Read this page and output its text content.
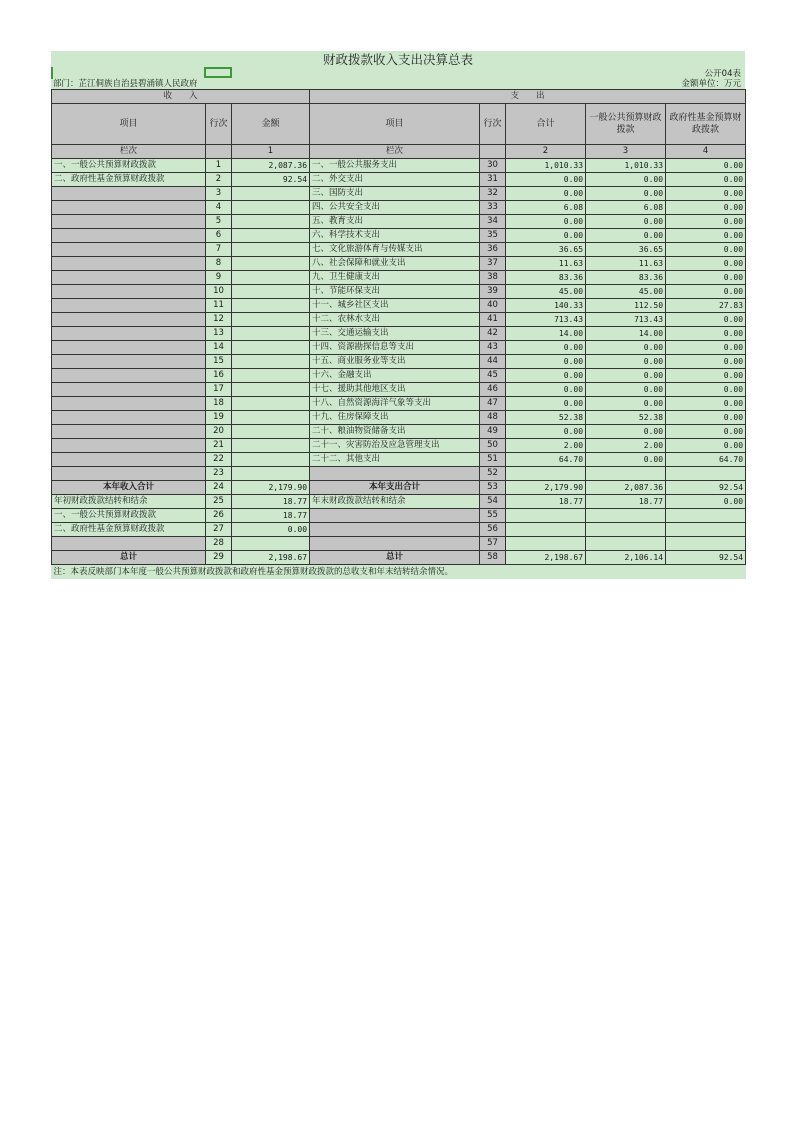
财政拨款收入支出决算总表
公开04表
部门：芷江侗族自治县碧涌镇人民政府	金额单位：万元
收　　入			支　　出				
项目	行次	金额	项目	行次	合计	一般公共预算财政拨款	政府性基金预算财政拨款
栏次		1	栏次		2	3	4
一、一般公共预算财政拨款	1	2,087.36	一、一般公共服务支出	30	1,010.33	1,010.33	0.00
二、政府性基金预算财政拨款	2	92.54	二、外交支出	31	0.00	0.00	0.00
	3		三、国防支出	32	0.00	0.00	0.00
	4		四、公共安全支出	33	6.08	6.08	0.00
	5		五、教育支出	34	0.00	0.00	0.00
	6		六、科学技术支出	35	0.00	0.00	0.00
	7		七、文化旅游体育与传媒支出	36	36.65	36.65	0.00
	8		八、社会保障和就业支出	37	11.63	11.63	0.00
	9		九、卫生健康支出	38	83.36	83.36	0.00
	10		十、节能环保支出	39	45.00	45.00	0.00
	11		十一、城乡社区支出	40	140.33	112.50	27.83
	12		十二、农林水支出	41	713.43	713.43	0.00
	13		十三、交通运输支出	42	14.00	14.00	0.00
	14		十四、资源勘探信息等支出	43	0.00	0.00	0.00
	15		十五、商业服务业等支出	44	0.00	0.00	0.00
	16		十六、金融支出	45	0.00	0.00	0.00
	17		十七、援助其他地区支出	46	0.00	0.00	0.00
	18		十八、自然资源海洋气象等支出	47	0.00	0.00	0.00
	19		十九、住房保障支出	48	52.38	52.38	0.00
	20		二十、粮油物资储备支出	49	0.00	0.00	0.00
	21		二十一、灾害防治及应急管理支出	50	2.00	2.00	0.00
	22		二十二、其他支出	51	64.70	0.00	64.70
	23			52			
本年收入合计	24	2,179.90	本年支出合计	53	2,179.90	2,087.36	92.54
年初财政拨款结转和结余	25	18.77	年末财政拨款结转和结余	54	18.77	18.77	0.00
一、一般公共预算财政拨款	26	18.77		55			
二、政府性基金预算财政拨款	27	0.00		56			
	28			57			
总计	29	2,198.67	总计	58	2,198.67	2,106.14	92.54
注：本表反映部门本年度一般公共预算财政拨款和政府性基金预算财政拨款的总收支和年末结转结余情况。							
